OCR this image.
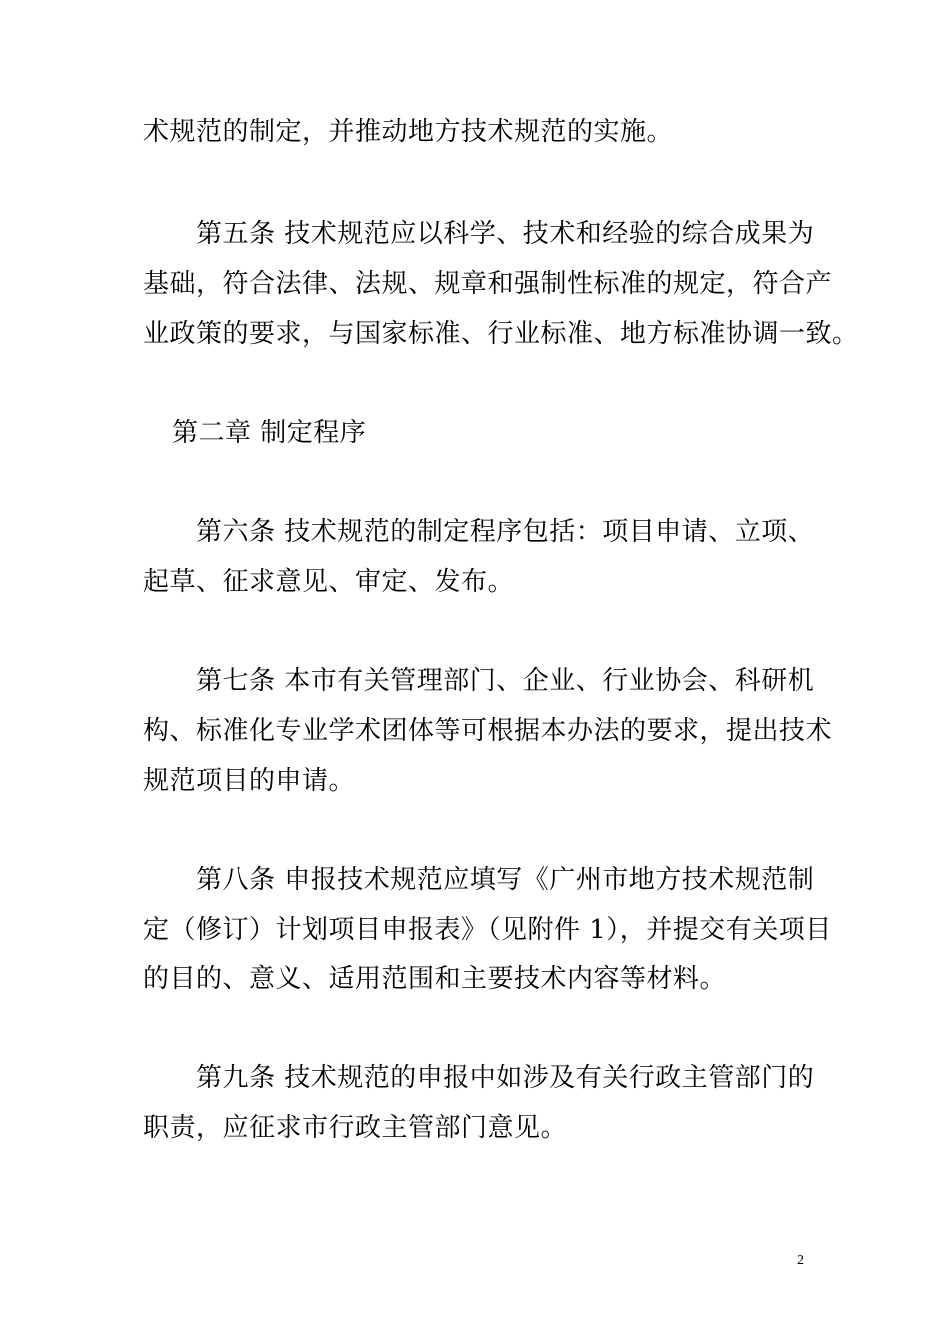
术规范的制定，并推动地方技术规范的实施。
第五条 技术规范应以科学、技术和经验的综合成果为
基础，符合法律、法规、规章和强制性标准的规定，符合产
业政策的要求，与国家标准、行业标准、地方标准协调一致。
第二章 制定程序
第六条 技术规范的制定程序包括：项目申请、立项、
起草、征求意见、审定、发布。
第七条 本市有关管理部门、企业、行业协会、科研机
构、标准化专业学术团体等可根据本办法的要求，提出技术
规范项目的申请。
第八条 申报技术规范应填写《广州市地方技术规范制
定（修订）计划项目申报表》（见附件 1），并提交有关项目
的目的、意义、适用范围和主要技术内容等材料。
第九条 技术规范的申报中如涉及有关行政主管部门的
职责，应征求市行政主管部门意见。
2
